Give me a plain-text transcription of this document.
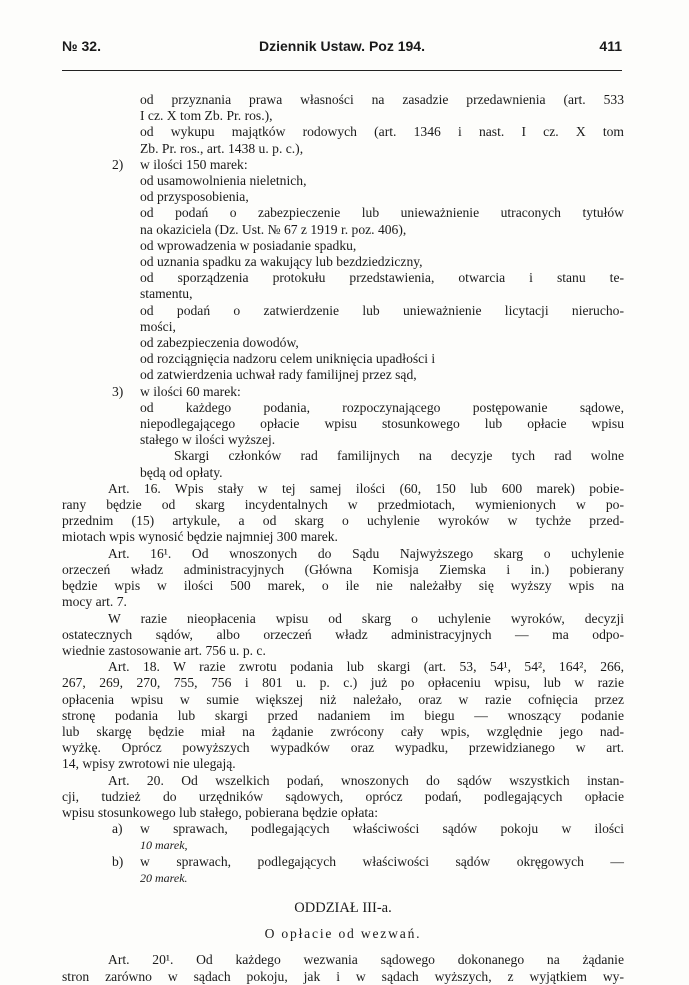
№ 32.	Dziennik Ustaw. Poz 194.	411
od przyznania prawa własności na zasadzie przedawnienia (art. 533
I cz. X tom Zb. Pr. ros.),
od wykupu majątków rodowych (art. 1346 i nast. I cz. X tom
Zb. Pr. ros., art. 1438 u. p. c.),
2) w ilości 150 marek:
od usamowolnienia nieletnich,
od przysposobienia,
od podań o zabezpieczenie lub unieważnienie utraconych tytułów
na okaziciela (Dz. Ust. № 67 z 1919 r. poz. 406),
od wprowadzenia w posiadanie spadku,
od uznania spadku za wakujący lub bezdziedziczny,
od sporządzenia protokułu przedstawienia, otwarcia i stanu te-
stamentu,
od podań o zatwierdzenie lub unieważnienie licytacji nierucho-
mości,
od zabezpieczenia dowodów,
od rozciągnięcia nadzoru celem uniknięcia upadłości i
od zatwierdzenia uchwał rady familijnej przez sąd,
3) w ilości 60 marek:
od każdego podania, rozpoczynającego postępowanie sądowe,
niepodlegającego opłacie wpisu stosunkowego lub opłacie wpisu
stałego w ilości wyższej.
Skargi członków rad familijnych na decyzje tych rad wolne
będą od opłaty.
Art. 16. Wpis stały w tej samej ilości (60, 150 lub 600 marek) pobie-
rany będzie od skarg incydentalnych w przedmiotach, wymienionych w po-
przednim (15) artykule, a od skarg o uchylenie wyroków w tychże przed-
miotach wpis wynosić będzie najmniej 300 marek.
Art. 16¹. Od wnoszonych do Sądu Najwyższego skarg o uchylenie
orzeczeń władz administracyjnych (Główna Komisja Ziemska i in.) pobierany
będzie wpis w ilości 500 marek, o ile nie należałby się wyższy wpis na
mocy art. 7.
W razie nieopłacenia wpisu od skarg o uchylenie wyroków, decyzji
ostatecznych sądów, albo orzeczeń władz administracyjnych — ma odpo-
wiednie zastosowanie art. 756 u. p. c.
Art. 18. W razie zwrotu podania lub skargi (art. 53, 54¹, 54², 164², 266,
267, 269, 270, 755, 756 i 801 u. p. c.) już po opłaceniu wpisu, lub w razie
opłacenia wpisu w sumie większej niż należało, oraz w razie cofnięcia przez
stronę podania lub skargi przed nadaniem im biegu — wnoszący podanie
lub skargę będzie miał na żądanie zwrócony cały wpis, względnie jego nad-
wyżkę. Oprócz powyższych wypadków oraz wypadku, przewidzianego w art.
14, wpisy zwrotowi nie ulegają.
Art. 20. Od wszelkich podań, wnoszonych do sądów wszystkich instan-
cji, tudzież do urzędników sądowych, oprócz podań, podlegających opłacie
wpisu stosunkowego lub stałego, pobierana będzie opłata:
a) w sprawach, podlegających właściwości sądów pokoju w ilości
10 marek,
b) w sprawach, podlegających właściwości sądów okręgowych —
20 marek.
ODDZIAŁ III-a.
O opłacie od wezwań.
Art. 20¹. Od każdego wezwania sądowego dokonanego na żądanie
stron zarówno w sądach pokoju, jak i w sądach wyższych, z wyjątkiem wy-
